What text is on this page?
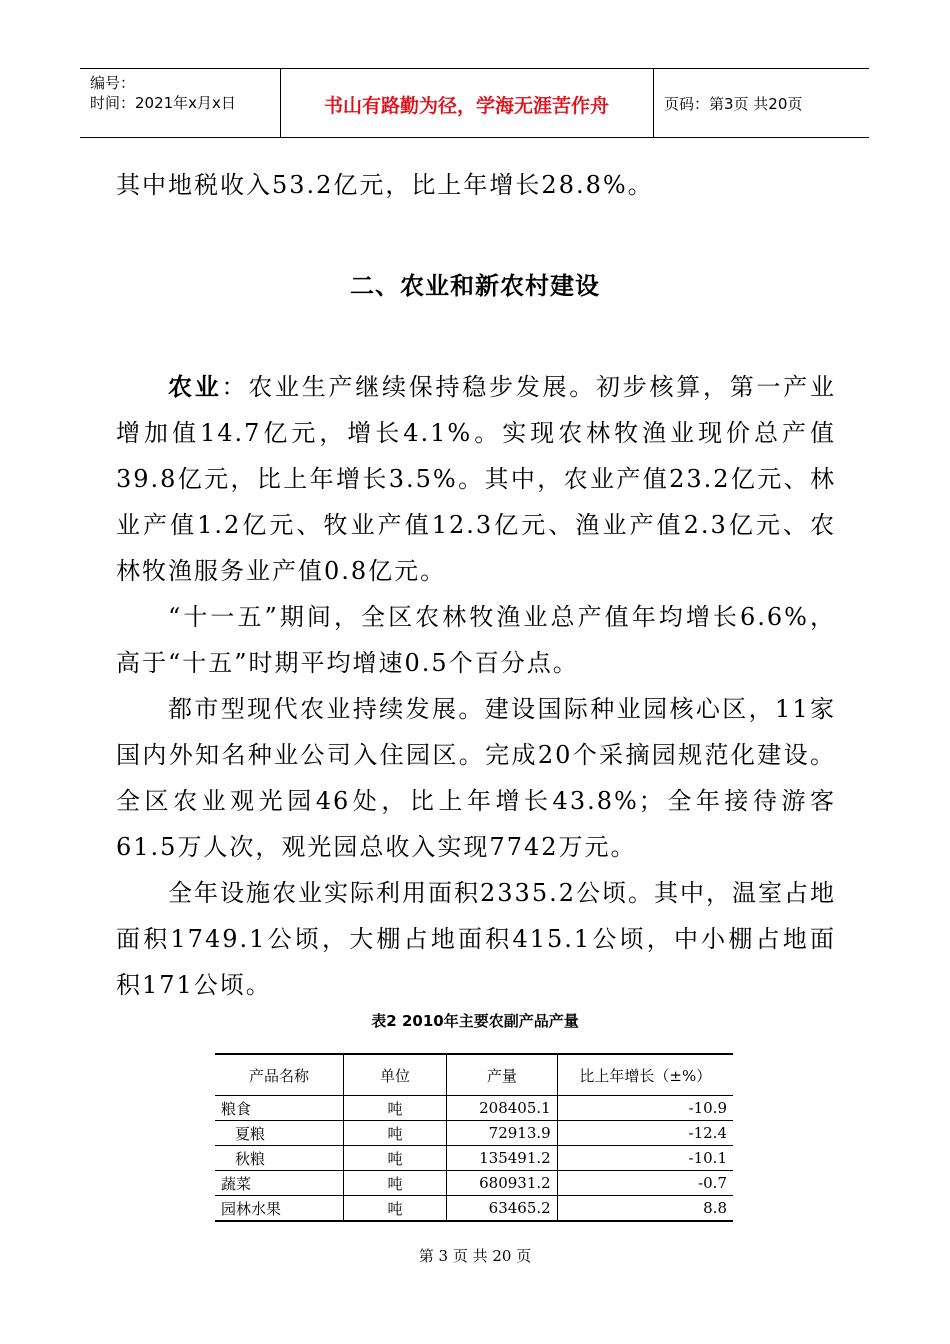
编号：
时间：2021年x月x日	书山有路勤为径，学海无涯苦作舟	页码：第3页 共20页

其中地税收入53.2亿元，比上年增长28.8%。

二、农业和新农村建设

农业：农业生产继续保持稳步发展。初步核算，第一产业增加值14.7亿元，增长4.1%。实现农林牧渔业现价总产值39.8亿元，比上年增长3.5%。其中，农业产值23.2亿元、林业产值1.2亿元、牧业产值12.3亿元、渔业产值2.3亿元、农林牧渔服务业产值0.8亿元。

“十一五”期间，全区农林牧渔业总产值年均增长6.6%，高于“十五”时期平均增速0.5个百分点。

都市型现代农业持续发展。建设国际种业园核心区，11家国内外知名种业公司入住园区。完成20个采摘园规范化建设。全区农业观光园46处，比上年增长43.8%；全年接待游客61.5万人次，观光园总收入实现7742万元。

全年设施农业实际利用面积2335.2公顷。其中，温室占地面积1749.1公顷，大棚占地面积415.1公顷，中小棚占地面积171公顷。

表2 2010年主要农副产品产量
产品名称	单位	产量	比上年增长（±%）
粮食	吨	208405.1	-10.9
夏粮	吨	72913.9	-12.4
秋粮	吨	135491.2	-10.1
蔬菜	吨	680931.2	-0.7
园林水果	吨	63465.2	8.8
第 3 页 共 20 页
